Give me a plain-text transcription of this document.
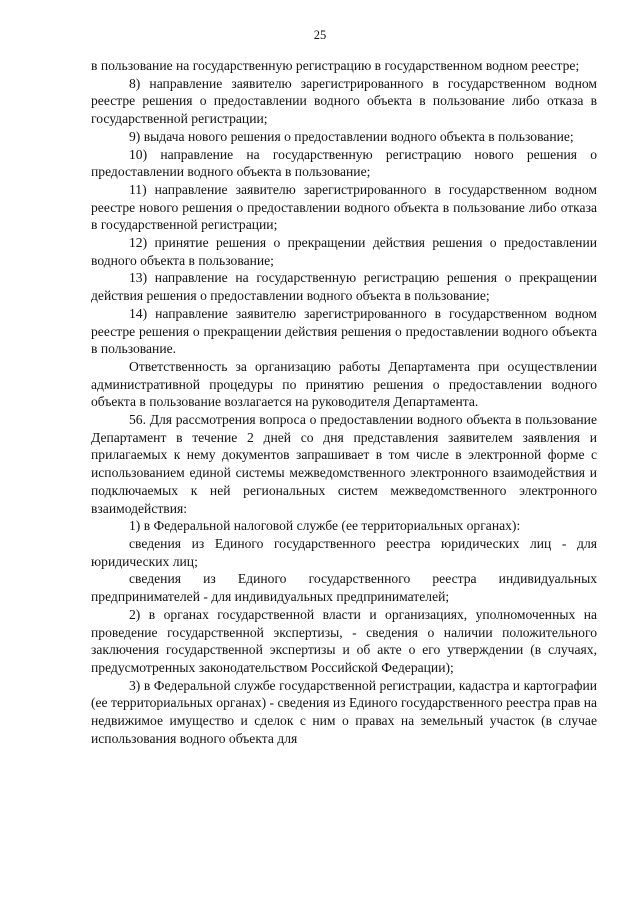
25

в пользование на государственную регистрацию в государственном водном реестре;

8) направление заявителю зарегистрированного в государственном водном реестре решения о предоставлении водного объекта в пользование либо отказа в государственной регистрации;

9) выдача нового решения о предоставлении водного объекта в пользование;

10) направление на государственную регистрацию нового решения о предоставлении водного объекта в пользование;

11) направление заявителю зарегистрированного в государственном водном реестре нового решения о предоставлении водного объекта в пользование либо отказа в государственной регистрации;

12) принятие решения о прекращении действия решения о предоставлении водного объекта в пользование;

13) направление на государственную регистрацию решения о прекращении действия решения о предоставлении водного объекта в пользование;

14) направление заявителю зарегистрированного в государственном водном реестре решения о прекращении действия решения о предоставлении водного объекта в пользование.

Ответственность за организацию работы Департамента при осуществлении административной процедуры по принятию решения о предоставлении водного объекта в пользование возлагается на руководителя Департамента.

56. Для рассмотрения вопроса о предоставлении водного объекта в пользование Департамент в течение 2 дней со дня представления заявителем заявления и прилагаемых к нему документов запрашивает в том числе в электронной форме с использованием единой системы межведомственного электронного взаимодействия и подключаемых к ней региональных систем межведомственного электронного взаимодействия:

1) в Федеральной налоговой службе (ее территориальных органах):

сведения из Единого государственного реестра юридических лиц - для юридических лиц;

сведения из Единого государственного реестра индивидуальных предпринимателей - для индивидуальных предпринимателей;

2) в органах государственной власти и организациях, уполномоченных на проведение государственной экспертизы, - сведения о наличии положительного заключения государственной экспертизы и об акте о его утверждении (в случаях, предусмотренных законодательством Российской Федерации);

3) в Федеральной службе государственной регистрации, кадастра и картографии (ее территориальных органах) - сведения из Единого государственного реестра прав на недвижимое имущество и сделок с ним о правах на земельный участок (в случае использования водного объекта для
